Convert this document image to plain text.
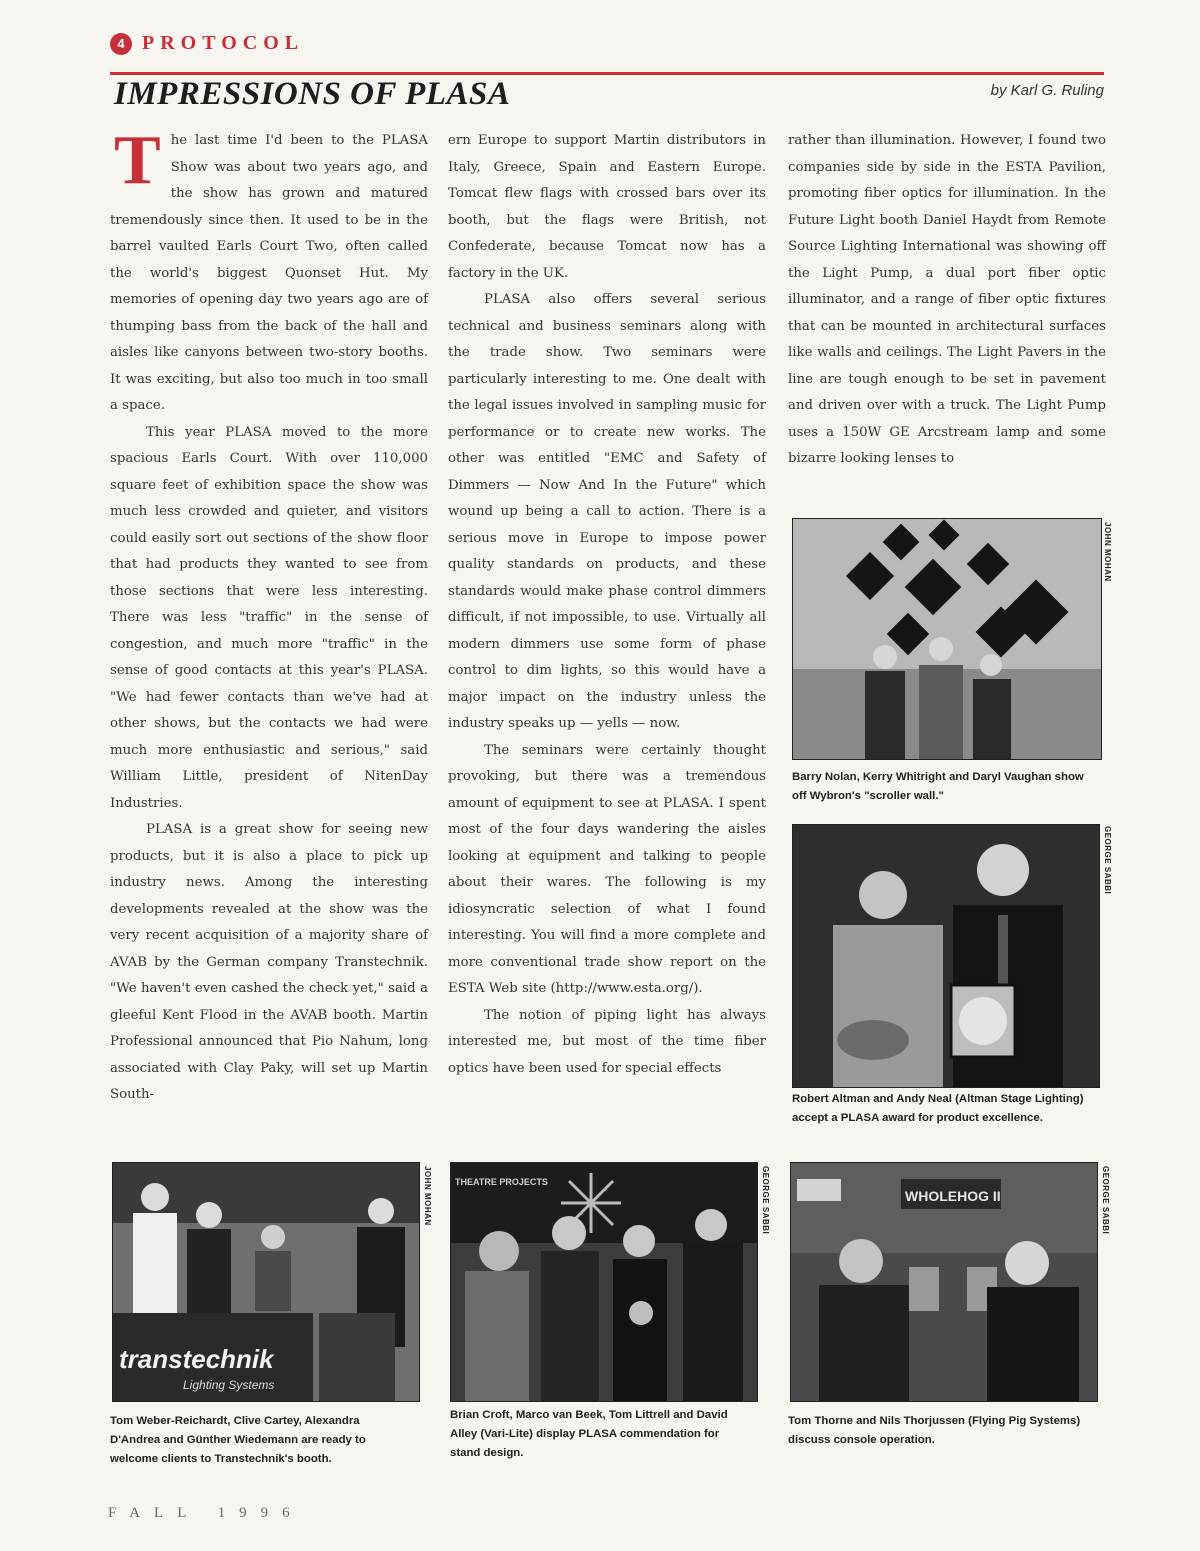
4 PROTOCOL
IMPRESSIONS OF PLASA	by Karl G. Ruling

The last time I'd been to the PLASA Show was about two years ago, and the show has grown and matured tremendously since then. It used to be in the barrel vaulted Earls Court Two, often called the world's biggest Quonset Hut. My memories of opening day two years ago are of thumping bass from the back of the hall and aisles like canyons between two-story booths. It was exciting, but also too much in too small a space.

This year PLASA moved to the more spacious Earls Court. With over 110,000 square feet of exhibition space the show was much less crowded and quieter, and visitors could easily sort out sections of the show floor that had products they wanted to see from those sections that were less interesting. There was less "traffic" in the sense of congestion, and much more "traffic" in the sense of good contacts at this year's PLASA. "We had fewer contacts than we've had at other shows, but the contacts we had were much more enthusiastic and serious," said William Little, president of NitenDay Industries.

PLASA is a great show for seeing new products, but it is also a place to pick up industry news. Among the interesting developments revealed at the show was the very recent acquisition of a majority share of AVAB by the German company Transtechnik. "We haven't even cashed the check yet," said a gleeful Kent Flood in the AVAB booth. Martin Professional announced that Pio Nahum, long associated with Clay Paky, will set up Martin South-

ern Europe to support Martin distributors in Italy, Greece, Spain and Eastern Europe. Tomcat flew flags with crossed bars over its booth, but the flags were British, not Confederate, because Tomcat now has a factory in the UK.

PLASA also offers several serious technical and business seminars along with the trade show. Two seminars were particularly interesting to me. One dealt with the legal issues involved in sampling music for performance or to create new works. The other was entitled "EMC and Safety of Dimmers — Now And In the Future" which wound up being a call to action. There is a serious move in Europe to impose power quality standards on products, and these standards would make phase control dimmers difficult, if not impossible, to use. Virtually all modern dimmers use some form of phase control to dim lights, so this would have a major impact on the industry unless the industry speaks up — yells — now.

The seminars were certainly thought provoking, but there was a tremendous amount of equipment to see at PLASA. I spent most of the four days wandering the aisles looking at equipment and talking to people about their wares. The following is my idiosyncratic selection of what I found interesting. You will find a more complete and more conventional trade show report on the ESTA Web site (http://www.esta.org/).

The notion of piping light has always interested me, but most of the time fiber optics have been used for special effects

rather than illumination. However, I found two companies side by side in the ESTA Pavilion, promoting fiber optics for illumination. In the Future Light booth Daniel Haydt from Remote Source Lighting International was showing off the Light Pump, a dual port fiber optic illuminator, and a range of fiber optic fixtures that can be mounted in architectural surfaces like walls and ceilings. The Light Pavers in the line are tough enough to be set in pavement and driven over with a truck. The Light Pump uses a 150W GE Arcstream lamp and some bizarre looking lenses to

JOHN MOHAN
Barry Nolan, Kerry Whitright and Daryl Vaughan show off Wybron's "scroller wall."
GEORGE SABBI
Robert Altman and Andy Neal (Altman Stage Lighting) accept a PLASA award for product excellence.
transtechnik
Lighting Systems
JOHN MOHAN
Tom Weber-Reichardt, Clive Cartey, Alexandra D'Andrea and Günther Wiedemann are ready to welcome clients to Transtechnik's booth.
THEATRE PROJECTS	GEORGE SABBI
Brian Croft, Marco van Beek, Tom Littrell and David Alley (Vari-Lite) display PLASA commendation for stand design.
WHOLEHOG II	GEORGE SABBI
Tom Thorne and Nils Thorjussen (Flying Pig Systems) discuss console operation.
FALL 1996
